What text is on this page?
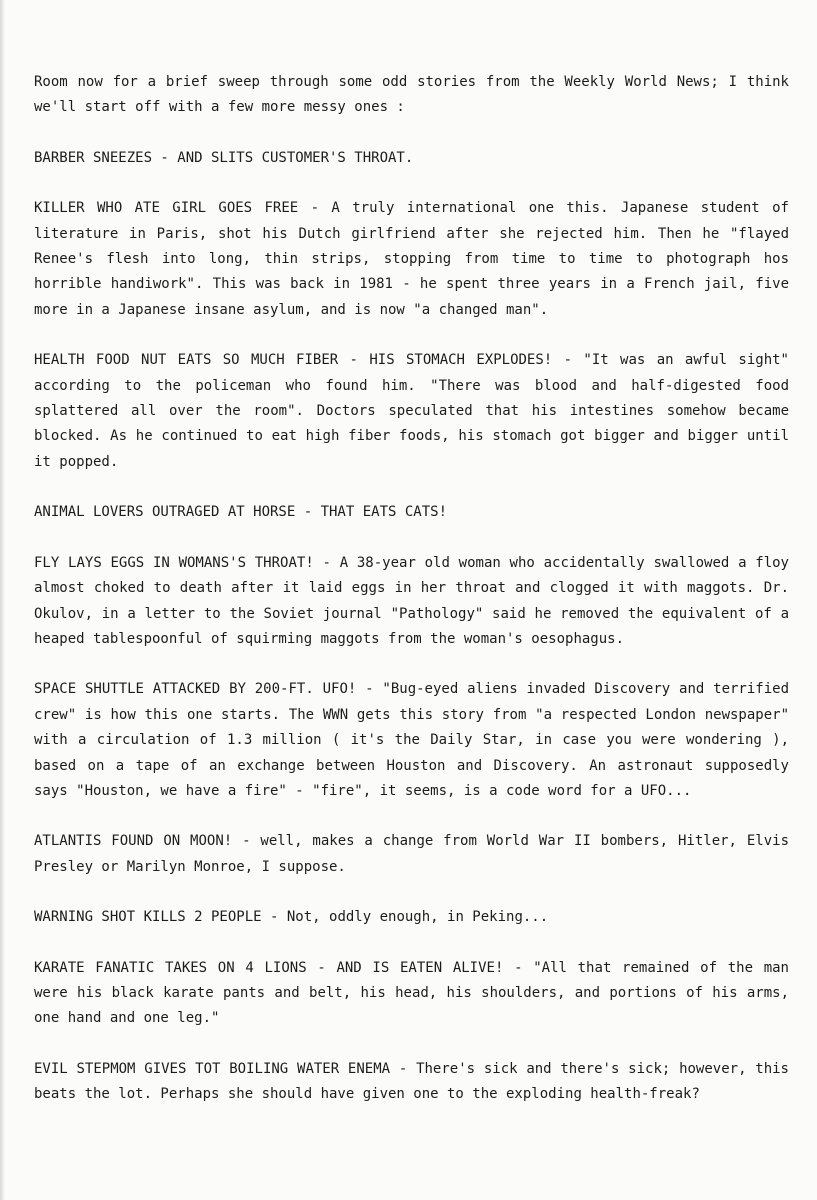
Room now for a brief sweep through some odd stories from the Weekly World News; I think we'll start off with a few more messy ones :

BARBER SNEEZES - AND SLITS CUSTOMER'S THROAT.

KILLER WHO ATE GIRL GOES FREE - A truly international one this. Japanese student of literature in Paris, shot his Dutch girlfriend after she rejected him. Then he "flayed Renee's flesh into long, thin strips, stopping from time to time to photograph hos horrible handiwork". This was back in 1981 - he spent three years in a French jail, five more in a Japanese insane asylum, and is now "a changed man".

HEALTH FOOD NUT EATS SO MUCH FIBER - HIS STOMACH EXPLODES! - "It was an awful sight" according to the policeman who found him. "There was blood and half-digested food splattered all over the room". Doctors speculated that his intestines somehow became blocked. As he continued to eat high fiber foods, his stomach got bigger and bigger until it popped.

ANIMAL LOVERS OUTRAGED AT HORSE - THAT EATS CATS!

FLY LAYS EGGS IN WOMANS'S THROAT! - A 38-year old woman who accidentally swallowed a floy almost choked to death after it laid eggs in her throat and clogged it with maggots. Dr. Okulov, in a letter to the Soviet journal "Pathology" said he removed the equivalent of a heaped tablespoonful of squirming maggots from the woman's oesophagus.

SPACE SHUTTLE ATTACKED BY 200-FT. UFO! - "Bug-eyed aliens invaded Discovery and terrified crew" is how this one starts. The WWN gets this story from "a respected London newspaper" with a circulation of 1.3 million ( it's the Daily Star, in case you were wondering ), based on a tape of an exchange between Houston and Discovery. An astronaut supposedly says "Houston, we have a fire" - "fire", it seems, is a code word for a UFO...

ATLANTIS FOUND ON MOON! - well, makes a change from World War II bombers, Hitler, Elvis Presley or Marilyn Monroe, I suppose.

WARNING SHOT KILLS 2 PEOPLE - Not, oddly enough, in Peking...

KARATE FANATIC TAKES ON 4 LIONS - AND IS EATEN ALIVE! - "All that remained of the man were his black karate pants and belt, his head, his shoulders, and portions of his arms, one hand and one leg."

EVIL STEPMOM GIVES TOT BOILING WATER ENEMA - There's sick and there's sick; however, this beats the lot. Perhaps she should have given one to the exploding health-freak?
